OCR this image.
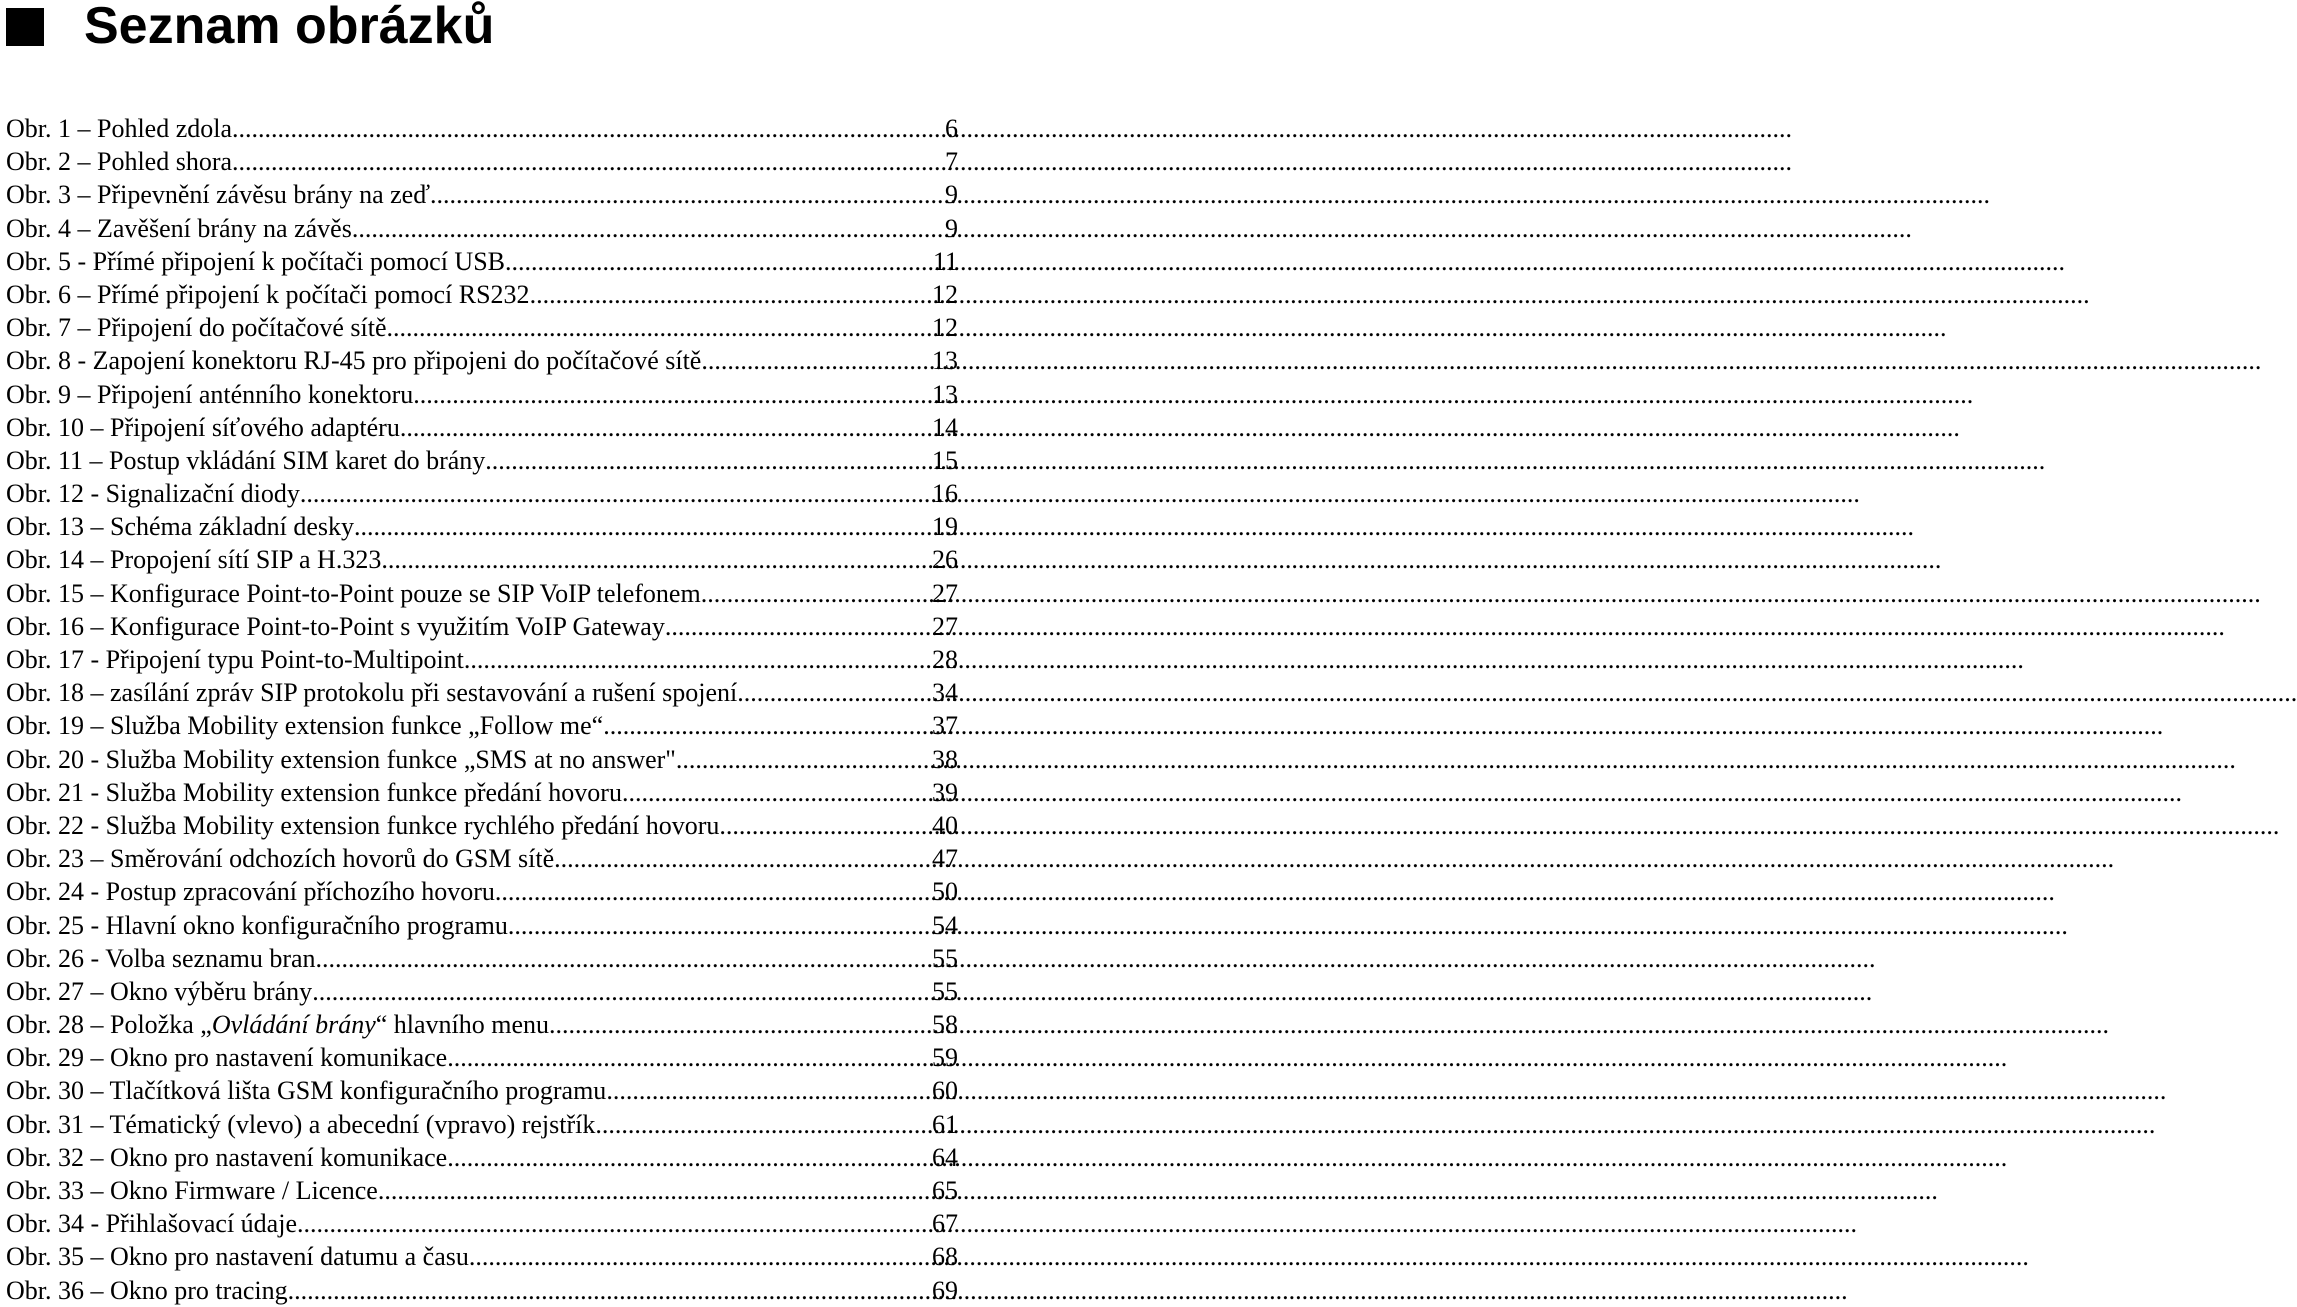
Seznam obrázků
Obr. 1 – Pohled zdola .....	6
Obr. 2 – Pohled shora .....	7
Obr. 3 – Připevnění závěsu brány na zeď .....	9
Obr. 4 – Zavěšení brány na závěs .....	9
Obr. 5 - Přímé připojení k počítači pomocí USB .....	11
Obr. 6 – Přímé připojení k počítači pomocí RS232 .....	12
Obr. 7 – Připojení do počítačové sítě .....	12
Obr. 8 - Zapojení konektoru RJ-45 pro připojeni do počítačové sítě .....	13
Obr. 9 – Připojení anténního konektoru .....	13
Obr. 10 – Připojení síťového adaptéru .....	14
Obr. 11 – Postup vkládání SIM karet do brány .....	15
Obr. 12 - Signalizační diody .....	16
Obr. 13 – Schéma základní desky .....	19
Obr. 14 – Propojení sítí SIP a H.323 .....	26
Obr. 15 – Konfigurace Point-to-Point pouze se SIP VoIP telefonem .....	27
Obr. 16 – Konfigurace Point-to-Point s využitím VoIP Gateway .....	27
Obr. 17 - Připojení typu Point-to-Multipoint .....	28
Obr. 18 – zasílání zpráv SIP protokolu při sestavování a rušení spojení .....	34
Obr. 19 – Služba Mobility extension funkce „Follow me“ .....	37
Obr. 20 - Služba Mobility extension funkce „SMS at no answer" .....	38
Obr. 21 - Služba Mobility extension funkce předání hovoru .....	39
Obr. 22 - Služba Mobility extension funkce rychlého předání hovoru .....	40
Obr. 23 – Směrování odchozích hovorů do GSM sítě .....	47
Obr. 24 - Postup zpracování příchozího hovoru .....	50
Obr. 25 - Hlavní okno konfiguračního programu .....	54
Obr. 26 - Volba seznamu bran .....	55
Obr. 27 – Okno výběru brány .....	55
Obr. 28 – Položka „Ovládání brány“ hlavního menu .....	58
Obr. 29 – Okno pro nastavení komunikace .....	59
Obr. 30 – Tlačítková lišta GSM konfiguračního programu .....	60
Obr. 31 – Tématický (vlevo) a abecední (vpravo) rejstřík .....	61
Obr. 32 – Okno pro nastavení komunikace .....	64
Obr. 33 – Okno Firmware / Licence .....	65
Obr. 34 - Přihlašovací údaje .....	67
Obr. 35 – Okno pro nastavení datumu a času .....	68
Obr. 36 – Okno pro tracing .....	69
